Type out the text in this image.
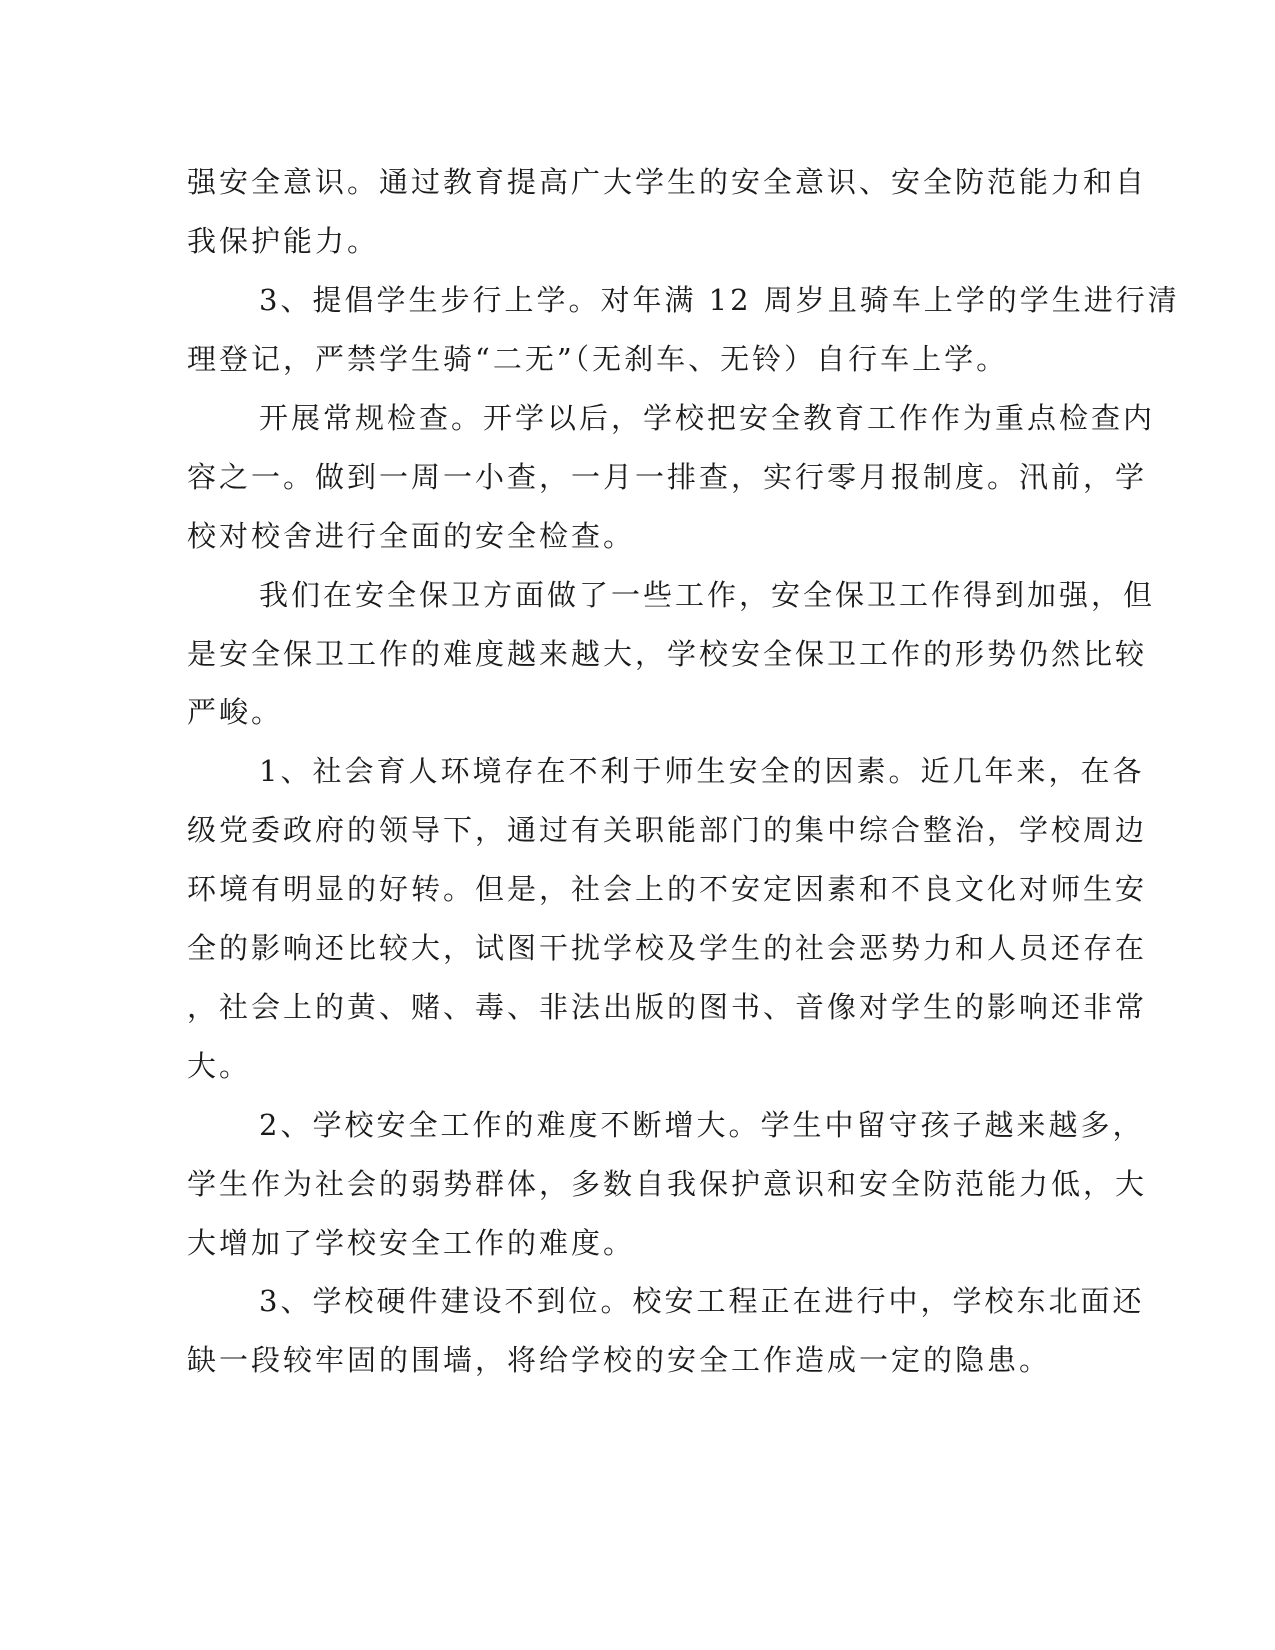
强安全意识。通过教育提高广大学生的安全意识、安全防范能力和自
我保护能力。
3、提倡学生步行上学。对年满 12 周岁且骑车上学的学生进行清
理登记，严禁学生骑“二无”（无刹车、无铃）自行车上学。
开展常规检查。开学以后，学校把安全教育工作作为重点检查内
容之一。做到一周一小查，一月一排查，实行零月报制度。汛前，学
校对校舍进行全面的安全检查。
我们在安全保卫方面做了一些工作，安全保卫工作得到加强，但
是安全保卫工作的难度越来越大，学校安全保卫工作的形势仍然比较
严峻。
1、社会育人环境存在不利于师生安全的因素。近几年来，在各
级党委政府的领导下，通过有关职能部门的集中综合整治，学校周边
环境有明显的好转。但是，社会上的不安定因素和不良文化对师生安
全的影响还比较大，试图干扰学校及学生的社会恶势力和人员还存在
，社会上的黄、赌、毒、非法出版的图书、音像对学生的影响还非常
大。
2、学校安全工作的难度不断增大。学生中留守孩子越来越多，
学生作为社会的弱势群体，多数自我保护意识和安全防范能力低，大
大增加了学校安全工作的难度。
3、学校硬件建设不到位。校安工程正在进行中，学校东北面还
缺一段较牢固的围墙，将给学校的安全工作造成一定的隐患。
